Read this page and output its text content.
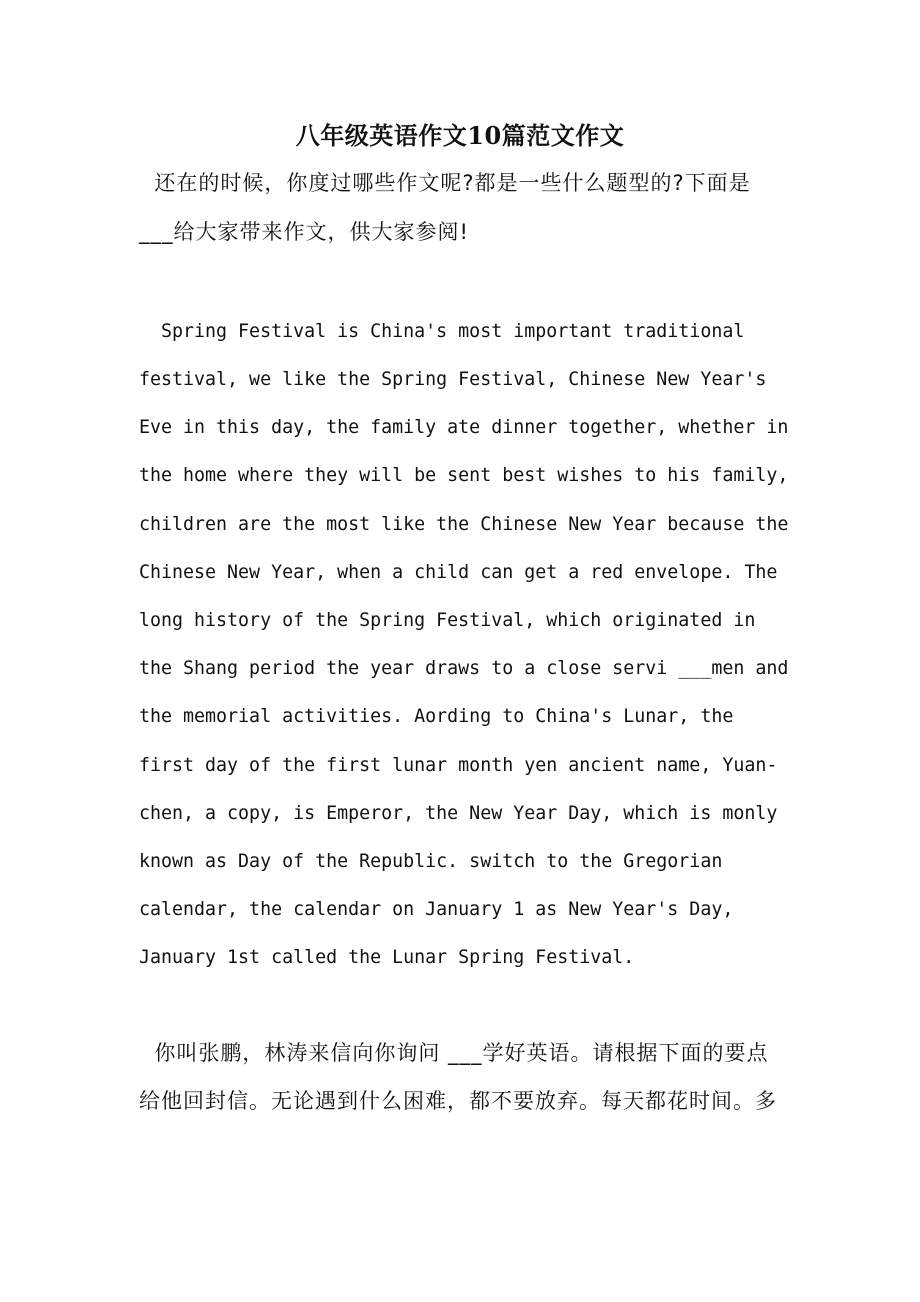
八年级英语作文10篇范文作文

还在的时候，你度过哪些作文呢?都是一些什么题型的?下面是

___给大家带来作文，供大家参阅!

Spring Festival is China's most important traditional

festival, we like the Spring Festival, Chinese New Year's

Eve in this day, the family ate dinner together, whether in

the home where they will be sent best wishes to his family,

children are the most like the Chinese New Year because the

Chinese New Year, when a child can get a red envelope. The

long history of the Spring Festival, which originated in

the Shang period the year draws to a close servi ___men and

the memorial activities. Aording to China's Lunar, the

first day of the first lunar month yen ancient name, Yuan-

chen, a copy, is Emperor, the New Year Day, which is monly

known as Day of the Republic. switch to the Gregorian

calendar, the calendar on January 1 as New Year's Day,

January 1st called the Lunar Spring Festival.

你叫张鹏，林涛来信向你询问 ___学好英语。请根据下面的要点

给他回封信。无论遇到什么困难，都不要放弃。每天都花时间。多
